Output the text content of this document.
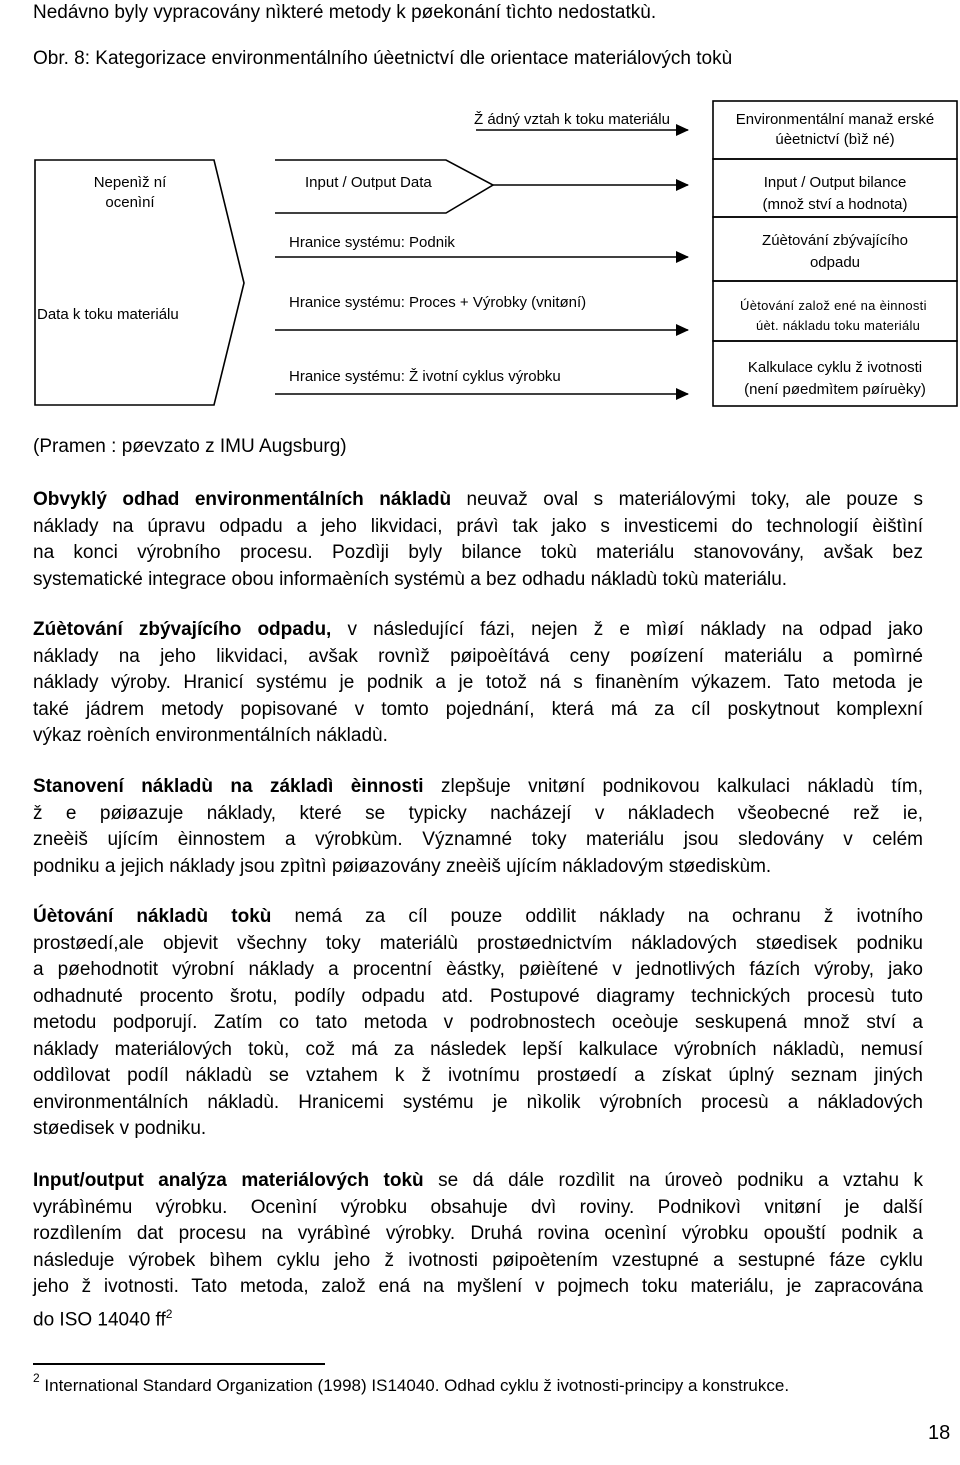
Nedávno byly vypracovány nìkteré metody k pøekonání tìchto nedostatkù.
Obr. 8: Kategorizace environmentálního úèetnictví dle orientace materiálových tokù
Ž ádný vztah k toku materiálu	Environmentální manaž erské
úèetnictví (bìž né)
Nepenìž ní
ocenìní
Data k toku materiálu
Input / Output Data
Hranice systému: Podnik
Hranice systému: Proces + Výrobky (vnitøní)
Hranice systému: Ž ivotní cyklus výrobku
Input / Output bilance
(množ ství a hodnota)
Zúètování zbývajícího
odpadu
Úètování založ ené na èinnosti
úèt. nákladu toku materiálu
Kalkulace cyklu ž ivotnosti
(není pøedmìtem pøíruèky)
(Pramen : pøevzato z IMU Augsburg)
Obvyklý odhad environmentálních nákladù neuvaž oval s materiálovými toky, ale pouze s
náklady na úpravu odpadu a jeho likvidaci, právì tak jako s investicemi do technologií èištìní
na konci výrobního procesu. Pozdìji byly bilance tokù materiálu stanovovány, avšak bez
systematické integrace obou informaèních systémù a bez odhadu nákladù tokù materiálu.
Zúètování zbývajícího odpadu, v následující fázi, nejen ž e mìøí náklady na odpad jako
náklady na jeho likvidaci, avšak rovnìž pøipoèítává ceny poøízení materiálu a pomìrné
náklady výroby. Hranicí systému je podnik a je totož ná s finanèním výkazem. Tato metoda je
také jádrem metody popisované v tomto pojednání, která má za cíl poskytnout komplexní
výkaz roèních environmentálních nákladù.
Stanovení nákladù na základì èinnosti zlepšuje vnitøní podnikovou kalkulaci nákladù tím,
ž e pøiøazuje náklady, které se typicky nacházejí v nákladech všeobecné rež ie,
zneèiš ujícím èinnostem a výrobkùm. Významné toky materiálu jsou sledovány v celém
podniku a jejich náklady jsou zpìtnì pøiøazovány zneèiš ujícím nákladovým støediskùm.
Úètování nákladù tokù nemá za cíl pouze oddìlit náklady na ochranu ž ivotního
prostøedí,ale objevit všechny toky materiálù prostøednictvím nákladových støedisek podniku
a pøehodnotit výrobní náklady a procentní èástky, pøièítené v jednotlivých fázích výroby, jako
odhadnuté procento šrotu, podíly odpadu atd. Postupové diagramy technických procesù tuto
metodu podporují. Zatím co tato metoda v podrobnostech oceòuje seskupená množ ství a
náklady materiálových tokù, což má za následek lepší kalkulace výrobních nákladù, nemusí
oddìlovat podíl nákladù se vztahem k ž ivotnímu prostøedí a získat úplný seznam jiných
environmentálních nákladù. Hranicemi systému je nìkolik výrobních procesù a nákladových
støedisek v podniku.
Input/output analýza materiálových tokù se dá dále rozdìlit na úroveò podniku a vztahu k
vyrábìnému výrobku. Ocenìní výrobku obsahuje dvì roviny. Podnikovì vnitøní je další
rozdìlením dat procesu na vyrábìné výrobky. Druhá rovina ocenìní výrobku opouští podnik a
následuje výrobek bìhem cyklu jeho ž ivotnosti pøipoètením vzestupné a sestupné fáze cyklu
jeho ž ivotnosti. Tato metoda, založ ená na myšlení v pojmech toku materiálu, je zapracována
do ISO 14040 $ff^2$
$^2$ International Standard Organization (1998) IS14040. Odhad cyklu ž ivotnosti-principy a konstrukce.
18
